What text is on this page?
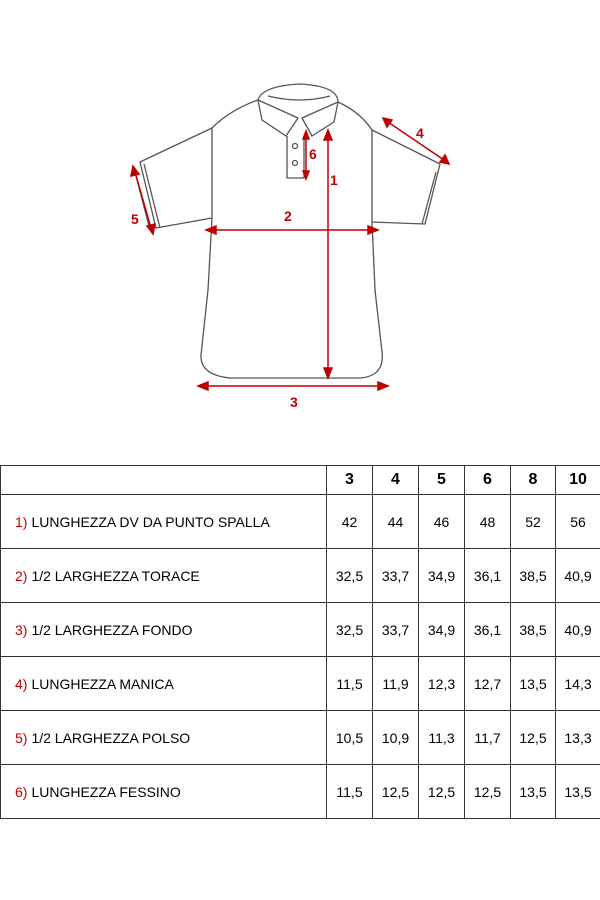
1
2
3
4
5
6
	3	4	5	6	8	10
1) LUNGHEZZA DV DA PUNTO SPALLA	42	44	46	48	52	56
2) 1/2 LARGHEZZA TORACE	32,5	33,7	34,9	36,1	38,5	40,9
3) 1/2 LARGHEZZA FONDO	32,5	33,7	34,9	36,1	38,5	40,9
4) LUNGHEZZA MANICA	11,5	11,9	12,3	12,7	13,5	14,3
5) 1/2 LARGHEZZA POLSO	10,5	10,9	11,3	11,7	12,5	13,3
6) LUNGHEZZA FESSINO	11,5	12,5	12,5	12,5	13,5	13,5
